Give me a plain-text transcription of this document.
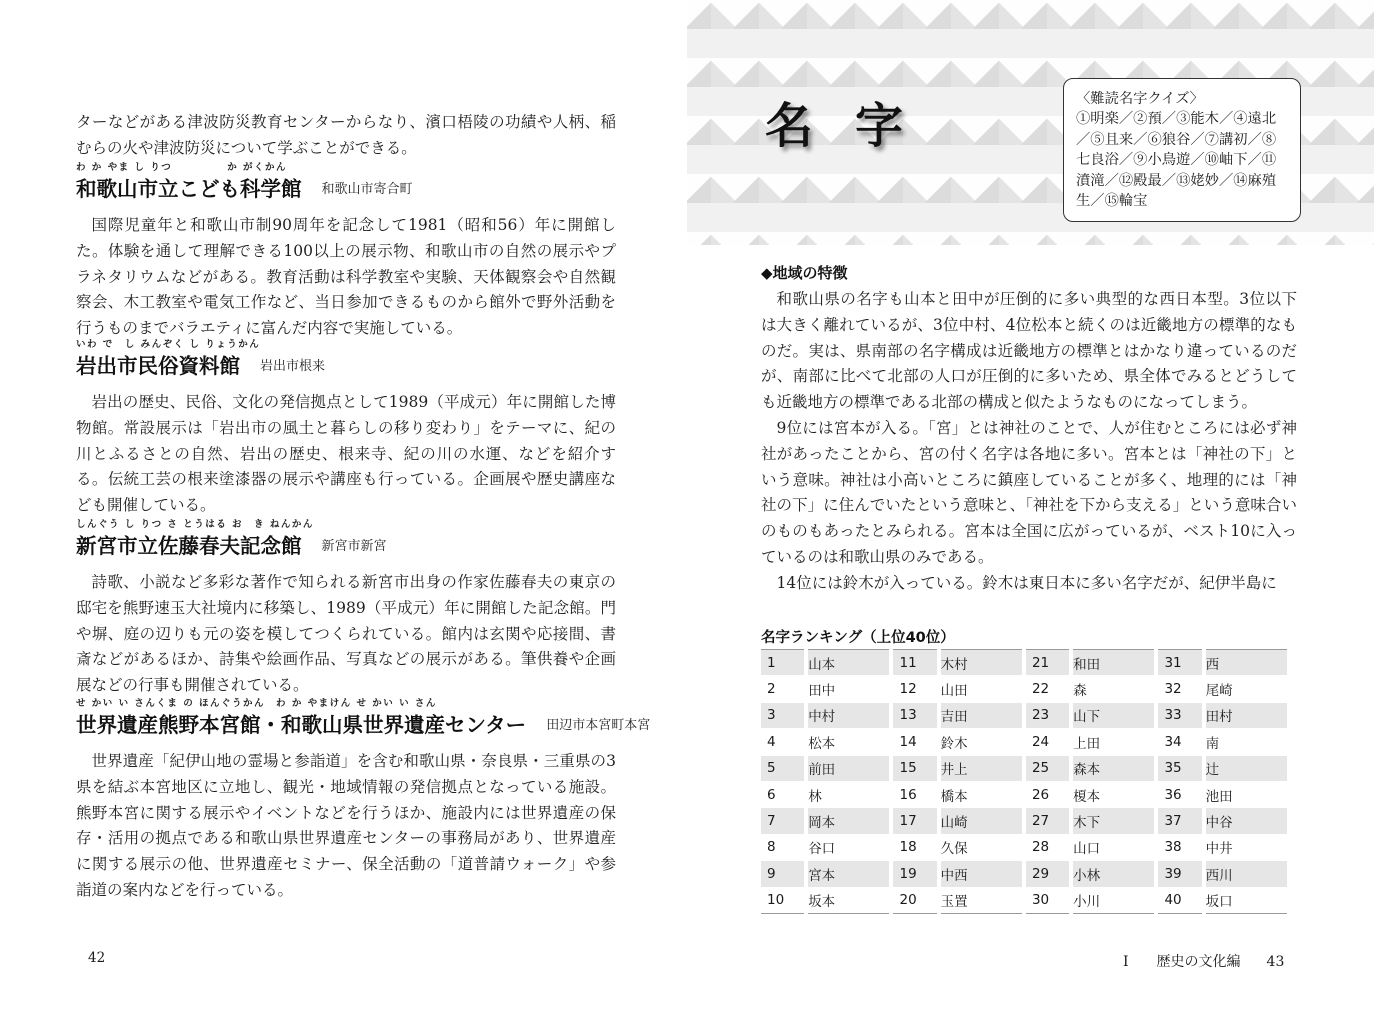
ターなどがある津波防災教育センターからなり、濱口梧陵の功績や人柄、稲むらの火や津波防災について学ぶことができる。

わ か やま し りつ　　　　　か がくかん
和歌山市立こども科学館 和歌山市寄合町

国際児童年と和歌山市制90周年を記念して1981（昭和56）年に開館した。体験を通して理解できる100以上の展示物、和歌山市の自然の展示やプラネタリウムなどがある。教育活動は科学教室や実験、天体観察会や自然観察会、木工教室や電気工作など、当日参加できるものから館外で野外活動を行うものまでバラエティに富んだ内容で実施している。

いわ で　し みんぞく し りょうかん
岩出市民俗資料館 岩出市根来

岩出の歴史、民俗、文化の発信拠点として1989（平成元）年に開館した博物館。常設展示は「岩出市の風土と暮らしの移り変わり」をテーマに、紀の川とふるさとの自然、岩出の歴史、根来寺、紀の川の水運、などを紹介する。伝統工芸の根来塗漆器の展示や講座も行っている。企画展や歴史講座なども開催している。

しんぐう し りつ さ とうはる お　き ねんかん
新宮市立佐藤春夫記念館 新宮市新宮

詩歌、小説など多彩な著作で知られる新宮市出身の作家佐藤春夫の東京の邸宅を熊野速玉大社境内に移築し、1989（平成元）年に開館した記念館。門や塀、庭の辺りも元の姿を模してつくられている。館内は玄関や応接間、書斎などがあるほか、詩集や絵画作品、写真などの展示がある。筆供養や企画展などの行事も開催されている。

せ かい い さんくま の ほんぐうかん　わ か やまけん せ かい い さん
世界遺産熊野本宮館・和歌山県世界遺産センター 田辺市本宮町本宮

世界遺産「紀伊山地の霊場と参詣道」を含む和歌山県・奈良県・三重県の3県を結ぶ本宮地区に立地し、観光・地域情報の発信拠点となっている施設。熊野本宮に関する展示やイベントなどを行うほか、施設内には世界遺産の保存・活用の拠点である和歌山県世界遺産センターの事務局があり、世界遺産に関する展示の他、世界遺産セミナー、保全活動の「道普請ウォーク」や参詣道の案内などを行っている。

42
名字	〈難読名字クイズ〉
①明楽／②預／③能木／④遠北／⑤且来／⑥狼谷／⑦講初／⑧七良浴／⑨小鳥遊／⑩岫下／⑪濆滝／⑫殿最／⑬姥妙／⑭麻殖生／⑮輪宝
◆地域の特徴

和歌山県の名字も山本と田中が圧倒的に多い典型的な西日本型。3位以下は大きく離れているが、3位中村、4位松本と続くのは近畿地方の標準的なものだ。実は、県南部の名字構成は近畿地方の標準とはかなり違っているのだが、南部に比べて北部の人口が圧倒的に多いため、県全体でみるとどうしても近畿地方の標準である北部の構成と似たようなものになってしまう。

9位には宮本が入る。「宮」とは神社のことで、人が住むところには必ず神社があったことから、宮の付く名字は各地に多い。宮本とは「神社の下」という意味。神社は小高いところに鎮座していることが多く、地理的には「神社の下」に住んでいたという意味と、「神社を下から支える」という意味合いのものもあったとみられる。宮本は全国に広がっているが、ベスト10に入っているのは和歌山県のみである。

14位には鈴木が入っている。鈴木は東日本に多い名字だが、紀伊半島に

名字ランキング（上位40位）
1	山本	11	木村	21	和田	31	西
2	田中	12	山田	22	森	32	尾崎
3	中村	13	吉田	23	山下	33	田村
4	松本	14	鈴木	24	上田	34	南
5	前田	15	井上	25	森本	35	辻
6	林	16	橋本	26	榎本	36	池田
7	岡本	17	山崎	27	木下	37	中谷
8	谷口	18	久保	28	山口	38	中井
9	宮本	19	中西	29	小林	39	西川
10	坂本	20	玉置	30	小川	40	坂口
Ⅰ 歴史の文化編 43
